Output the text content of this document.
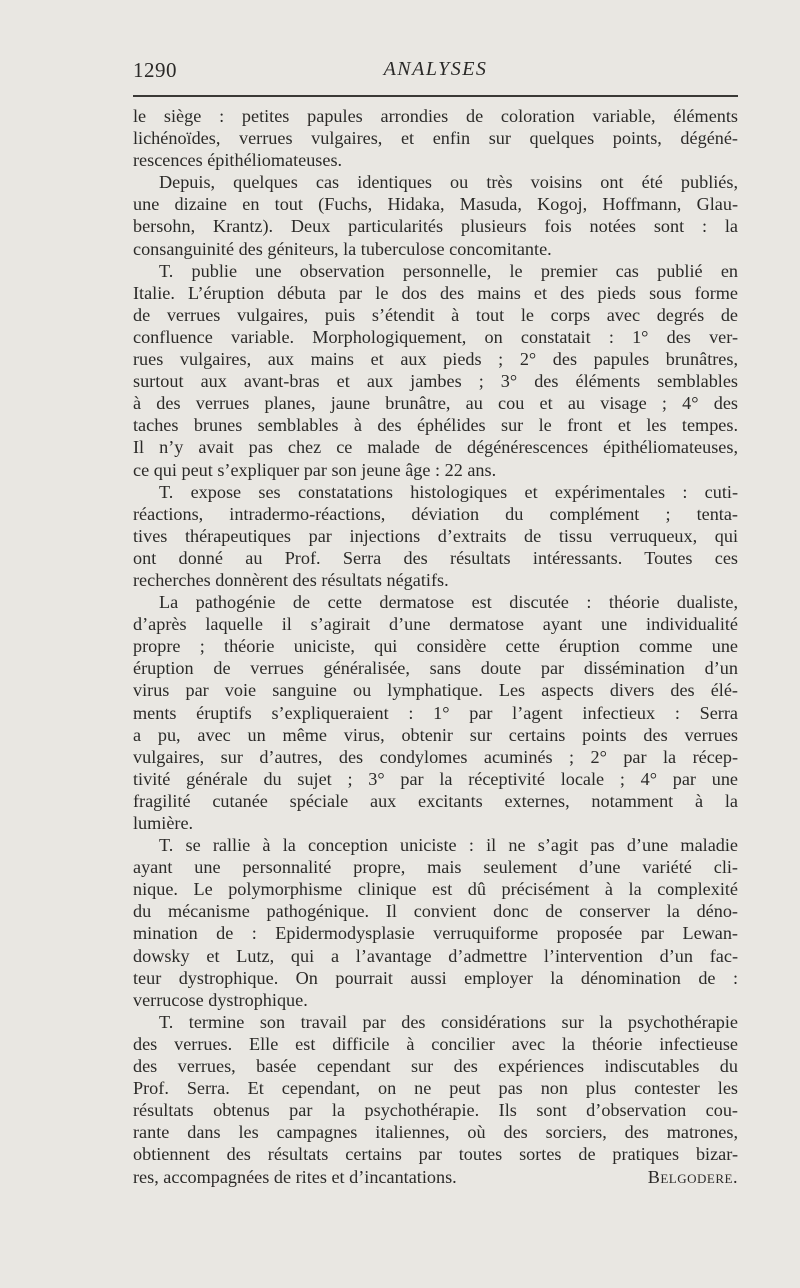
1290	ANALYSES
le siège : petites papules arrondies de coloration variable, éléments
lichénoïdes, verrues vulgaires, et enfin sur quelques points, dégéné-
rescences épithéliomateuses.
Depuis, quelques cas identiques ou très voisins ont été publiés,
une dizaine en tout (Fuchs, Hidaka, Masuda, Kogoj, Hoffmann, Glau-
bersohn, Krantz). Deux particularités plusieurs fois notées sont : la
consanguinité des géniteurs, la tuberculose concomitante.
T. publie une observation personnelle, le premier cas publié en
Italie. L’éruption débuta par le dos des mains et des pieds sous forme
de verrues vulgaires, puis s’étendit à tout le corps avec degrés de
confluence variable. Morphologiquement, on constatait : 1° des ver-
rues vulgaires, aux mains et aux pieds ; 2° des papules brunâtres,
surtout aux avant-bras et aux jambes ; 3° des éléments semblables
à des verrues planes, jaune brunâtre, au cou et au visage ; 4° des
taches brunes semblables à des éphélides sur le front et les tempes.
Il n’y avait pas chez ce malade de dégénérescences épithéliomateuses,
ce qui peut s’expliquer par son jeune âge : 22 ans.
T. expose ses constatations histologiques et expérimentales : cuti-
réactions, intradermo-réactions, déviation du complément ; tenta-
tives thérapeutiques par injections d’extraits de tissu verruqueux, qui
ont donné au Prof. Serra des résultats intéressants. Toutes ces
recherches donnèrent des résultats négatifs.
La pathogénie de cette dermatose est discutée : théorie dualiste,
d’après laquelle il s’agirait d’une dermatose ayant une individualité
propre ; théorie uniciste, qui considère cette éruption comme une
éruption de verrues généralisée, sans doute par dissémination d’un
virus par voie sanguine ou lymphatique. Les aspects divers des élé-
ments éruptifs s’expliqueraient : 1° par l’agent infectieux : Serra
a pu, avec un même virus, obtenir sur certains points des verrues
vulgaires, sur d’autres, des condylomes acuminés ; 2° par la récep-
tivité générale du sujet ; 3° par la réceptivité locale ; 4° par une
fragilité cutanée spéciale aux excitants externes, notamment à la
lumière.
T. se rallie à la conception uniciste : il ne s’agit pas d’une maladie
ayant une personnalité propre, mais seulement d’une variété cli-
nique. Le polymorphisme clinique est dû précisément à la complexité
du mécanisme pathogénique. Il convient donc de conserver la déno-
mination de : Epidermodysplasie verruquiforme proposée par Lewan-
dowsky et Lutz, qui a l’avantage d’admettre l’intervention d’un fac-
teur dystrophique. On pourrait aussi employer la dénomination de :
verrucose dystrophique.
T. termine son travail par des considérations sur la psychothérapie
des verrues. Elle est difficile à concilier avec la théorie infectieuse
des verrues, basée cependant sur des expériences indiscutables du
Prof. Serra. Et cependant, on ne peut pas non plus contester les
résultats obtenus par la psychothérapie. Ils sont d’observation cou-
rante dans les campagnes italiennes, où des sorciers, des matrones,
obtiennent des résultats certains par toutes sortes de pratiques bizar-
res, accompagnées de rites et d’incantations.	Belgodere.
